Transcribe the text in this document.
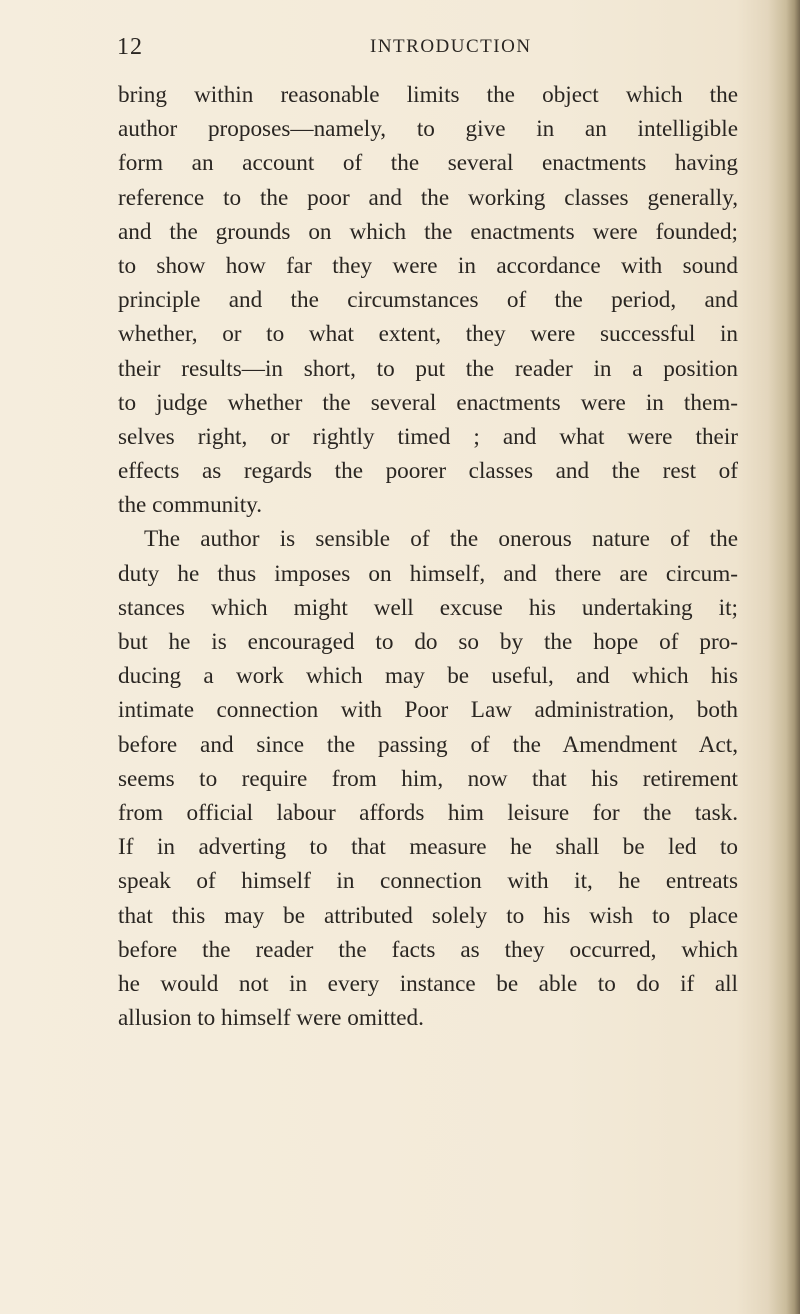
12	INTRODUCTION
bring within reasonable limits the object which the
author proposes—namely, to give in an intelligible
form an account of the several enactments having
reference to the poor and the working classes generally,
and the grounds on which the enactments were founded;
to show how far they were in accordance with sound
principle and the circumstances of the period, and
whether, or to what extent, they were successful in
their results—in short, to put the reader in a position
to judge whether the several enactments were in them-
selves right, or rightly timed ; and what were their
effects as regards the poorer classes and the rest of
the community.
The author is sensible of the onerous nature of the
duty he thus imposes on himself, and there are circum-
stances which might well excuse his undertaking it;
but he is encouraged to do so by the hope of pro-
ducing a work which may be useful, and which his
intimate connection with Poor Law administration, both
before and since the passing of the Amendment Act,
seems to require from him, now that his retirement
from official labour affords him leisure for the task.
If in adverting to that measure he shall be led to
speak of himself in connection with it, he entreats
that this may be attributed solely to his wish to place
before the reader the facts as they occurred, which
he would not in every instance be able to do if all
allusion to himself were omitted.
